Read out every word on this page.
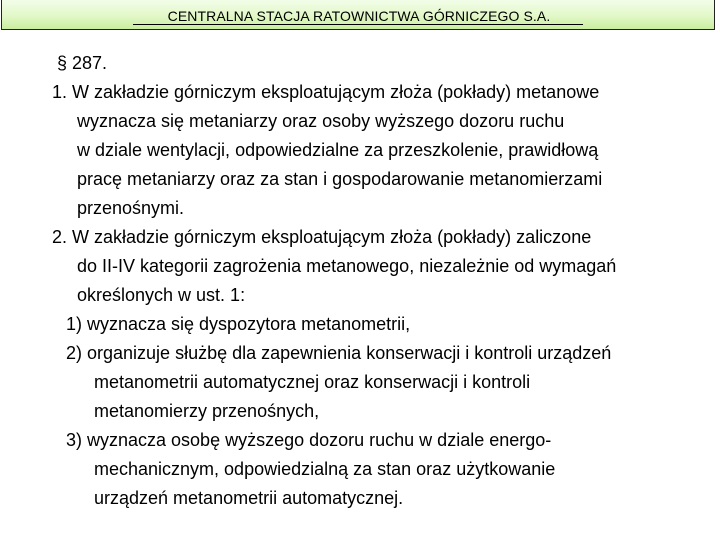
CENTRALNA STACJA RATOWNICTWA GÓRNICZEGO S.A.

§ 287.

1. W zakładzie górniczym eksploatującym złoża (pokłady) metanowe

wyznacza się metaniarzy oraz osoby wyższego dozoru ruchu

w dziale wentylacji, odpowiedzialne za przeszkolenie, prawidłową

pracę metaniarzy oraz za stan i gospodarowanie metanomierzami

przenośnymi.

2. W zakładzie górniczym eksploatującym złoża (pokłady) zaliczone

do II-IV kategorii zagrożenia metanowego, niezależnie od wymagań

określonych w ust. 1:

1) wyznacza się dyspozytora metanometrii,

2) organizuje służbę dla zapewnienia konserwacji i kontroli urządzeń

metanometrii automatycznej oraz konserwacji i kontroli

metanomierzy przenośnych,

3) wyznacza osobę wyższego dozoru ruchu w dziale energo-

mechanicznym, odpowiedzialną za stan oraz użytkowanie

urządzeń metanometrii automatycznej.
